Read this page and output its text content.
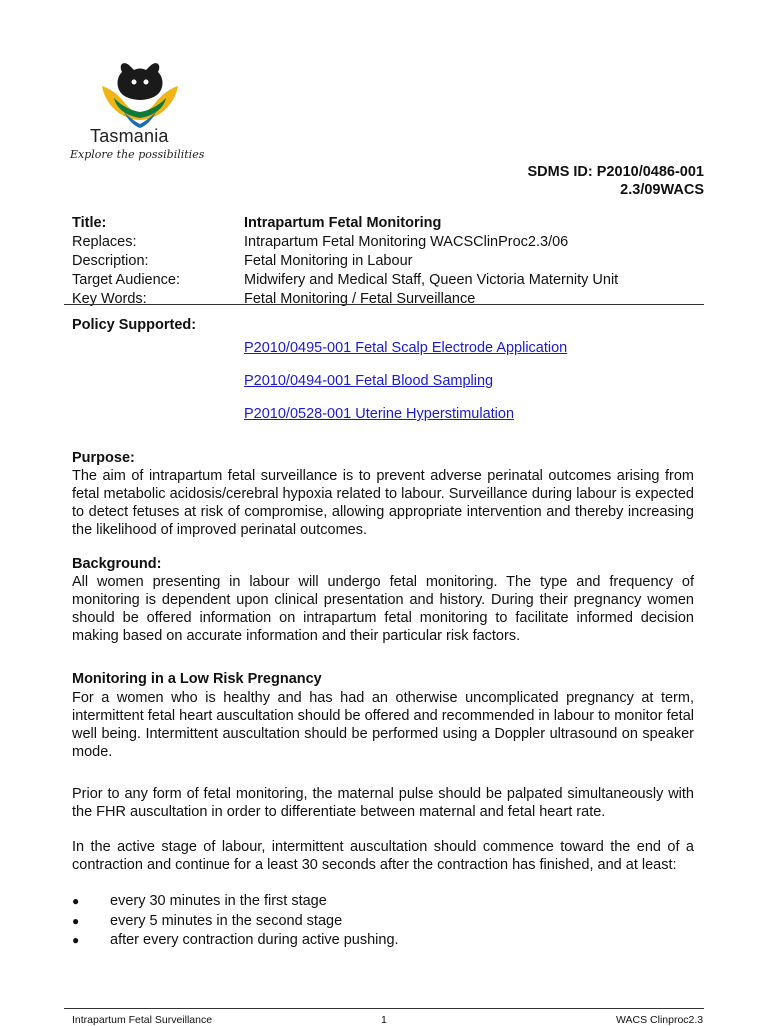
Tasmania
Explore the possibilities
SDMS ID: P2010/0486-001
2.3/09WACS
Title:	Intrapartum Fetal Monitoring
Replaces:	Intrapartum Fetal Monitoring WACSClinProc2.3/06
Description:	Fetal Monitoring in Labour
Target Audience:	Midwifery and Medical Staff, Queen Victoria Maternity Unit
Key Words:	Fetal Monitoring / Fetal Surveillance
Policy Supported:
P2010/0495-001 Fetal Scalp Electrode Application
P2010/0494-001 Fetal Blood Sampling
P2010/0528-001 Uterine Hyperstimulation
Purpose:
The aim of intrapartum fetal surveillance is to prevent adverse perinatal outcomes arising from fetal metabolic acidosis/cerebral hypoxia related to labour. Surveillance during labour is expected to detect fetuses at risk of compromise, allowing appropriate intervention and thereby increasing the likelihood of improved perinatal outcomes.
Background:
All women presenting in labour will undergo fetal monitoring. The type and frequency of monitoring is dependent upon clinical presentation and history. During their pregnancy women should be offered information on intrapartum fetal monitoring to facilitate informed decision making based on accurate information and their particular risk factors.
Monitoring in a Low Risk Pregnancy
For a women who is healthy and has had an otherwise uncomplicated pregnancy at term, intermittent fetal heart auscultation should be offered and recommended in labour to monitor fetal well being. Intermittent auscultation should be performed using a Doppler ultrasound on speaker mode.
Prior to any form of fetal monitoring, the maternal pulse should be palpated simultaneously with the FHR auscultation in order to differentiate between maternal and fetal heart rate.
In the active stage of labour, intermittent auscultation should commence toward the end of a contraction and continue for a least 30 seconds after the contraction has finished, and at least:
●	every 30 minutes in the first stage
●	every 5 minutes in the second stage
●	after every contraction during active pushing.
Intrapartum Fetal Surveillance	1	WACS Clinproc2.3
